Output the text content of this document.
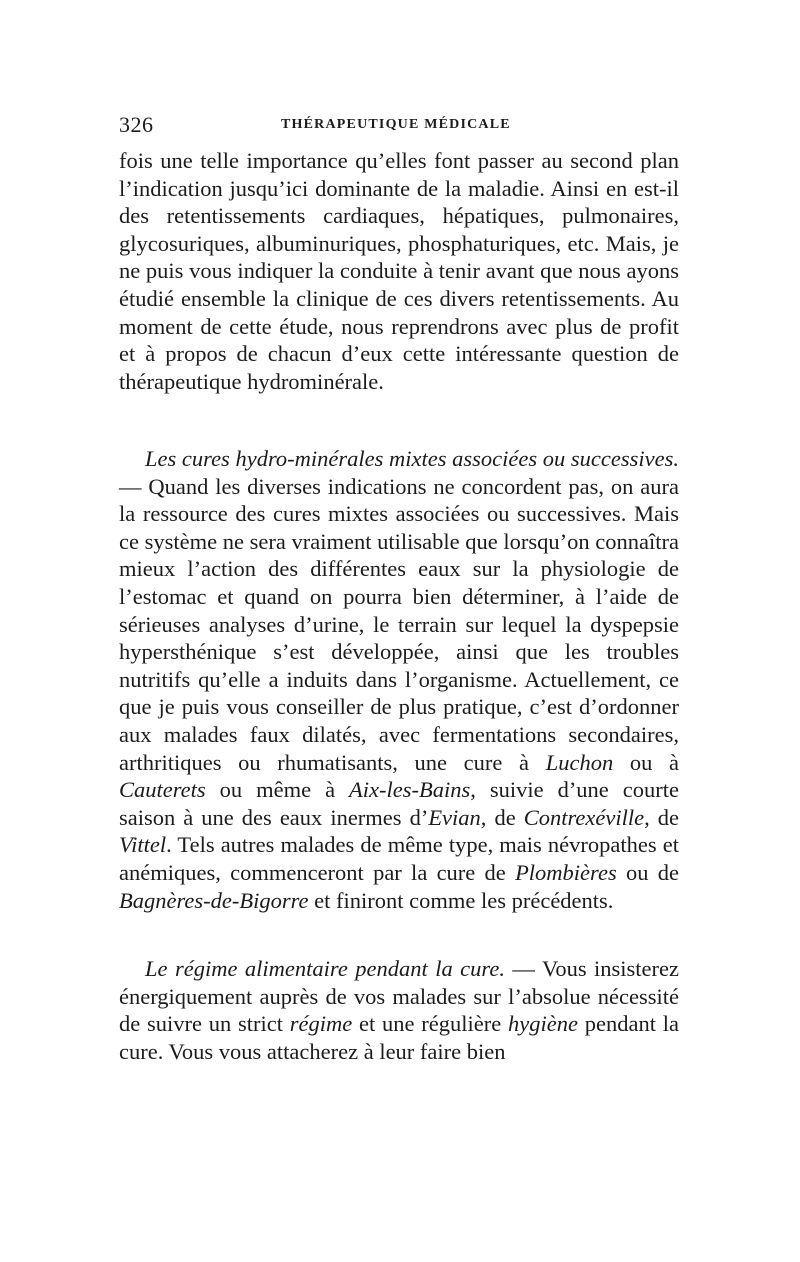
326	THÉRAPEUTIQUE MÉDICALE

fois une telle importance qu’elles font passer au second plan l’indication jusqu’ici dominante de la maladie. Ainsi en est-il des retentissements cardiaques, hépatiques, pulmonaires, glycosuriques, albuminuriques, phosphaturiques, etc. Mais, je ne puis vous indiquer la conduite à tenir avant que nous ayons étudié ensemble la clinique de ces divers retentissements. Au moment de cette étude, nous reprendrons avec plus de profit et à propos de chacun d’eux cette intéressante question de thérapeutique hydrominérale.

Les cures hydro-minérales mixtes associées ou successives. — Quand les diverses indications ne concordent pas, on aura la ressource des cures mixtes associées ou successives. Mais ce système ne sera vraiment utilisable que lorsqu’on connaîtra mieux l’action des différentes eaux sur la physiologie de l’estomac et quand on pourra bien déterminer, à l’aide de sérieuses analyses d’urine, le terrain sur lequel la dyspepsie hypersthénique s’est développée, ainsi que les troubles nutritifs qu’elle a induits dans l’organisme. Actuellement, ce que je puis vous conseiller de plus pratique, c’est d’ordonner aux malades faux dilatés, avec fermentations secondaires, arthritiques ou rhumatisants, une cure à Luchon ou à Cauterets ou même à Aix-les-Bains, suivie d’une courte saison à une des eaux inermes d’Evian, de Contrexéville, de Vittel. Tels autres malades de même type, mais névropathes et anémiques, commenceront par la cure de Plombières ou de Bagnères-de-Bigorre et finiront comme les précédents.

Le régime alimentaire pendant la cure. — Vous insisterez énergiquement auprès de vos malades sur l’absolue nécessité de suivre un strict régime et une régulière hygiène pendant la cure. Vous vous attacherez à leur faire bien
